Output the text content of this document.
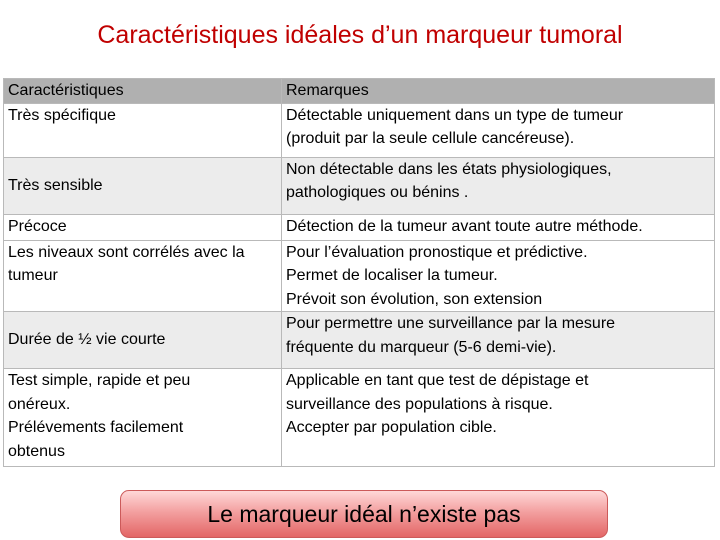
Caractéristiques idéales d’un marqueur tumoral
Caractéristiques	Remarques
Très spécifique	Détectable uniquement dans un type de tumeur
(produit par la seule cellule cancéreuse).
Très sensible	Non détectable dans les états physiologiques,
pathologiques ou bénins .
Précoce	Détection de la tumeur avant toute autre méthode.
Les niveaux sont corrélés avec la
tumeur	Pour l’évaluation pronostique et prédictive.
Permet de localiser la tumeur.
Prévoit son évolution, son extension
Durée de ½ vie courte	Pour permettre une surveillance par la mesure
fréquente du marqueur (5-6 demi-vie).
Test simple, rapide et peu
onéreux.
Prélévements facilement
obtenus	Applicable en tant que test de dépistage et
surveillance des populations à risque.
Accepter par population cible.
Le marqueur idéal n’existe pas
